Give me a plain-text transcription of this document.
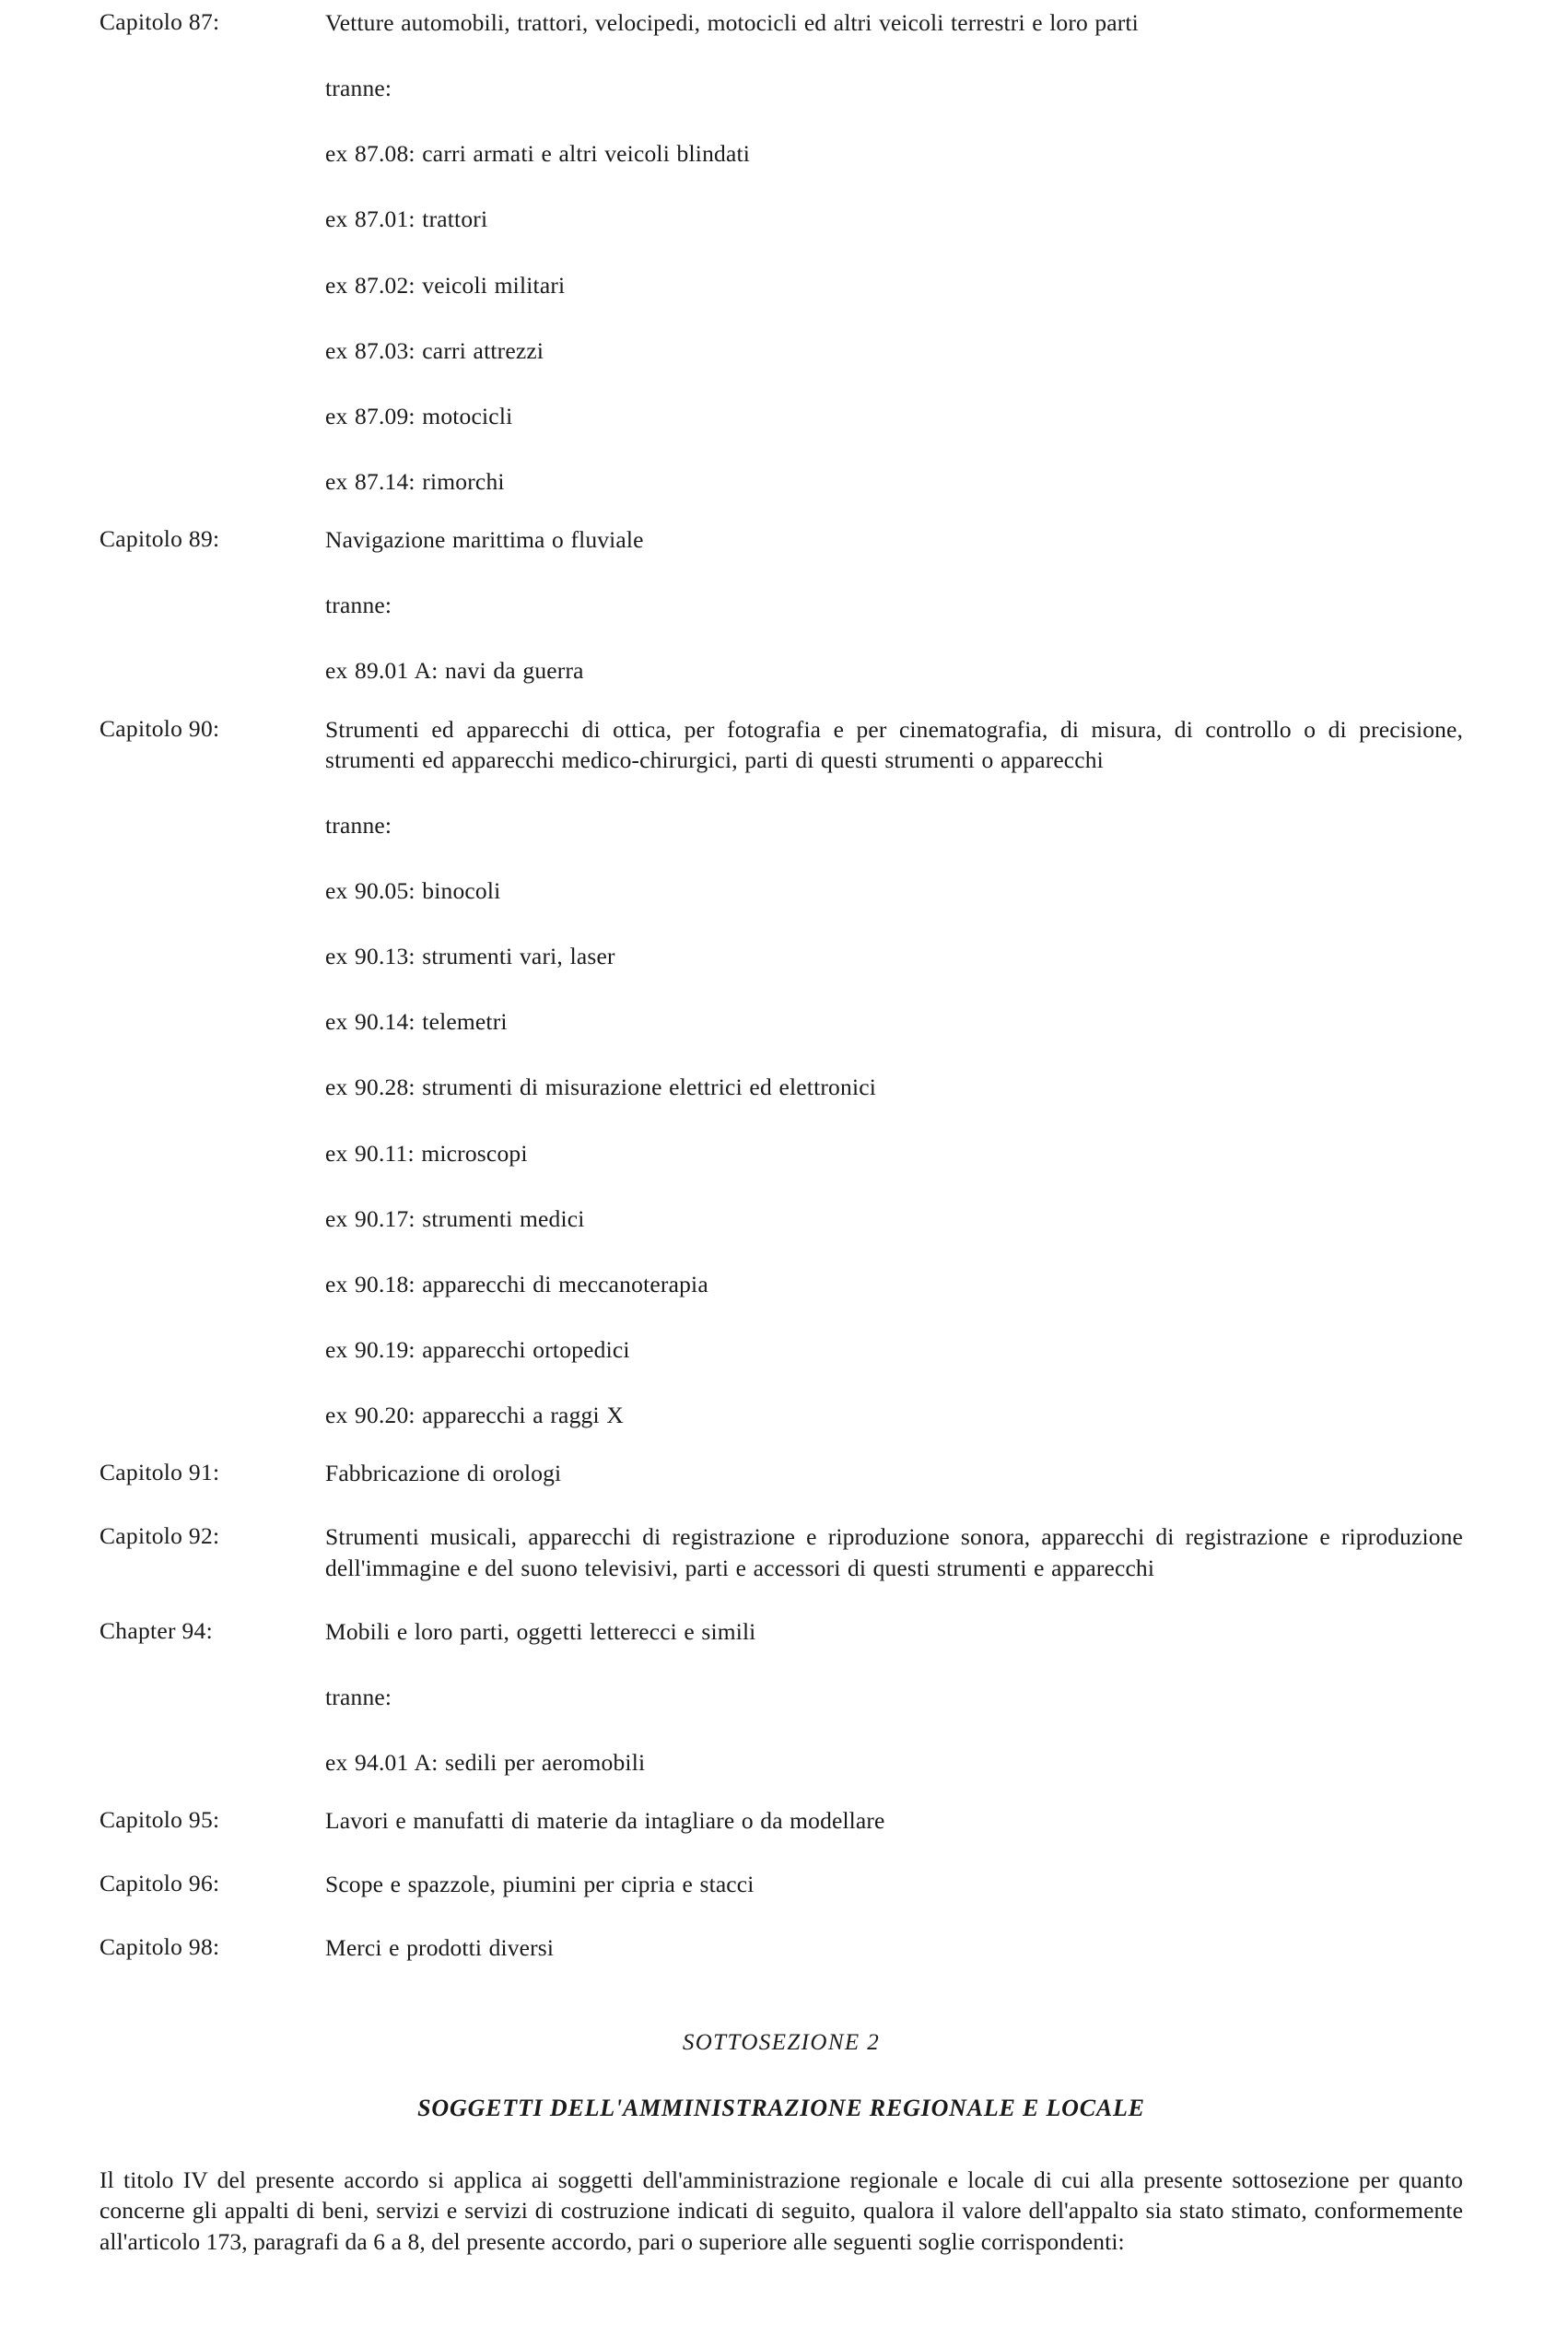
Capitolo 87:	Vetture automobili, trattori, velocipedi, motocicli ed altri veicoli terrestri e loro parti
tranne:
ex 87.08: carri armati e altri veicoli blindati
ex 87.01: trattori
ex 87.02: veicoli militari
ex 87.03: carri attrezzi
ex 87.09: motocicli
ex 87.14: rimorchi
Capitolo 89:	Navigazione marittima o fluviale
tranne:
ex 89.01 A: navi da guerra
Capitolo 90:	Strumenti ed apparecchi di ottica, per fotografia e per cinematografia, di misura, di controllo o di precisione, strumenti ed apparecchi medico-chirurgici, parti di questi strumenti o apparecchi
tranne:
ex 90.05: binocoli
ex 90.13: strumenti vari, laser
ex 90.14: telemetri
ex 90.28: strumenti di misurazione elettrici ed elettronici
ex 90.11: microscopi
ex 90.17: strumenti medici
ex 90.18: apparecchi di meccanoterapia
ex 90.19: apparecchi ortopedici
ex 90.20: apparecchi a raggi X
Capitolo 91:	Fabbricazione di orologi
Capitolo 92:	Strumenti musicali, apparecchi di registrazione e riproduzione sonora, apparecchi di registrazione e riproduzione dell'immagine e del suono televisivi, parti e accessori di questi strumenti e apparecchi
Chapter 94:	Mobili e loro parti, oggetti letterecci e simili
tranne:
ex 94.01 A: sedili per aeromobili
Capitolo 95:	Lavori e manufatti di materie da intagliare o da modellare
Capitolo 96:	Scope e spazzole, piumini per cipria e stacci
Capitolo 98:	Merci e prodotti diversi
SOTTOSEZIONE 2
SOGGETTI DELL'AMMINISTRAZIONE REGIONALE E LOCALE
Il titolo IV del presente accordo si applica ai soggetti dell'amministrazione regionale e locale di cui alla presente sottosezione per quanto concerne gli appalti di beni, servizi e servizi di costruzione indicati di seguito, qualora il valore dell'appalto sia stato stimato, conformemente all'articolo 173, paragrafi da 6 a 8, del presente accordo, pari o superiore alle seguenti soglie corrispondenti:
